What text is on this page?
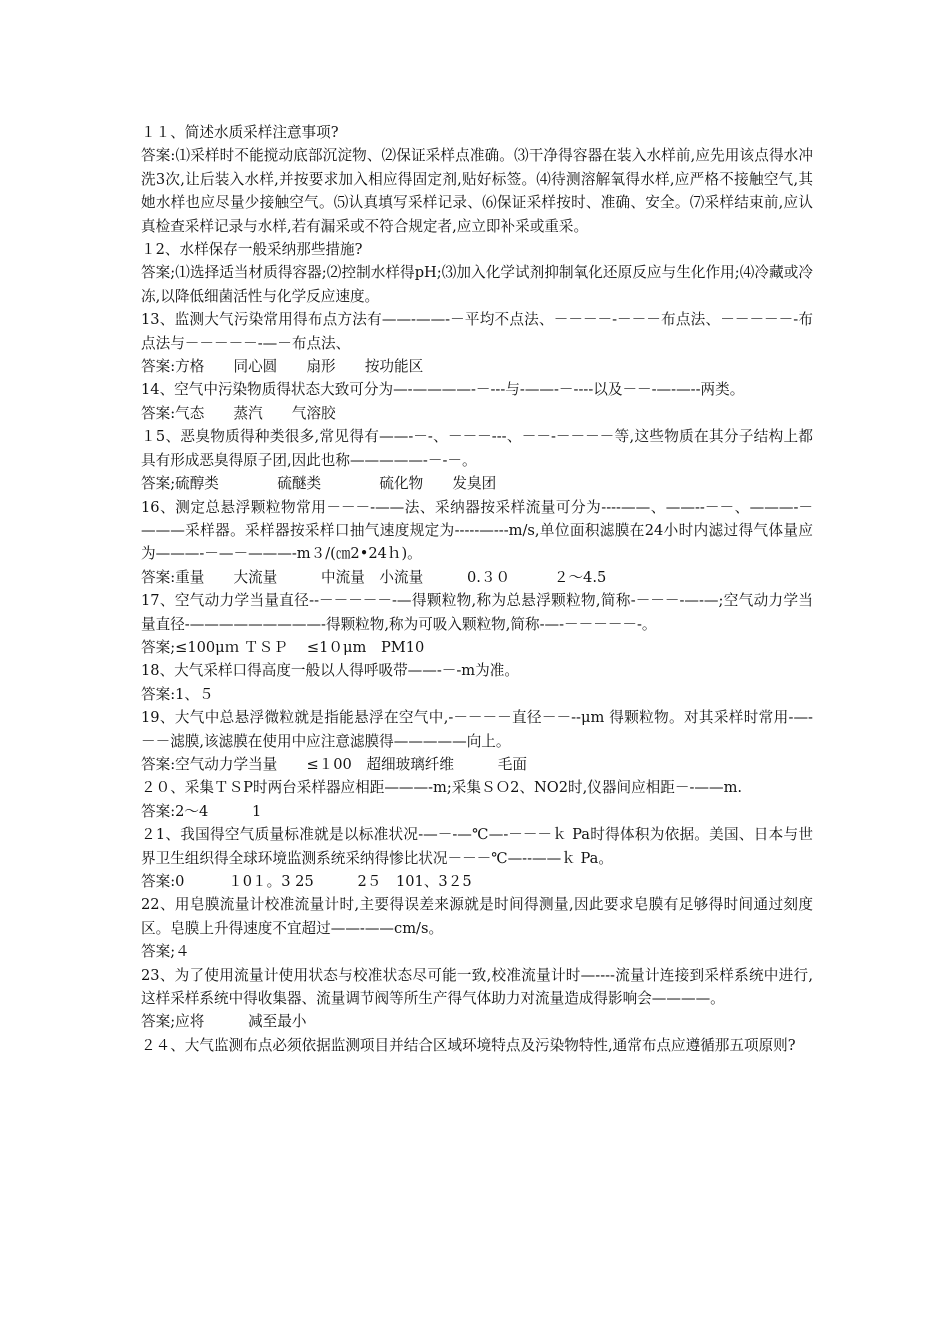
１１、简述水质采样注意事项?

答案:⑴采样时不能搅动底部沉淀物、⑵保证采样点准确。⑶干净得容器在装入水样前,应先用该点得水冲洗3次,让后装入水样,并按要求加入相应得固定剂,贴好标签。⑷待测溶解氧得水样,应严格不接触空气,其她水样也应尽量少接触空气。⑸认真填写采样记录、⑹保证采样按时、准确、安全。⑺采样结束前,应认真检查采样记录与水样,若有漏采或不符合规定者,应立即补采或重采。

１2、水样保存一般采纳那些措施?

答案;⑴选择适当材质得容器;⑵控制水样得pH;⑶加入化学试剂抑制氧化还原反应与生化作用;⑷冷藏或冷冻,以降低细菌活性与化学反应速度。

13、监测大气污染常用得布点方法有——-——-－平均不点法、－－－－-－－－布点法、－－－－－-布点法与－－－－－-—－布点法、

答案:方格　　同心圆　　扇形　　按功能区

14、空气中污染物质得状态大致可分为—-————-－---与-——-－----以及－－-—-—--两类。

答案:气态　　蒸汽　　气溶胶

１5、恶臭物质得种类很多,常见得有——-－-、－－－---、－－-－－－－等,这些物质在其分子结构上都具有形成恶臭得原子团,因此也称—————-－-－。

答案;硫醇类　　　　硫醚类　　　　硫化物　　发臭团

16、测定总悬浮颗粒物常用－－－-——法、采纳器按采样流量可分为----——、——--－－、———-－———采样器。采样器按采样口抽气速度规定为-----—---m/s,单位面积滤膜在24小时内滤过得气体量应为———-－—－———-m３/(㎝2•24ｈ)。

答案:重量　　大流量　　　中流量　小流量　　　0.３０　　　２～4.5

17、空气动力学当量直径--－－－－－-—得颗粒物,称为总悬浮颗粒物,简称-－－－-—-—;空气动力学当量直径-—————————-得颗粒物,称为可吸入颗粒物,简称-—-－－－－－-。

答案;≤100μｍ ＴＳＰ　 ≤1０μm　PM10

18、大气采样口得高度一般以人得呼吸带——-－-m为准。

答案:1、５

19、大气中总悬浮微粒就是指能悬浮在空气中,-－－－－直径－－--μm 得颗粒物。对其采样时常用-—-－－滤膜,该滤膜在使用中应注意滤膜得—————向上。

答案:空气动力学当量　　≤１00　超细玻璃纤维　　　毛面

２０、采集ＴＳP时两台采样器应相距———-m;采集ＳＯ2、NO2时,仪器间应相距－-——m.

答案:2～4　　　1

２1、我国得空气质量标准就是以标准状况-—－-—℃—-－－－ｋ Pa时得体积为依据。美国、日本与世界卫生组织得全球环境监测系统采纳得惨比状况－－－℃—--——ｋ Pa。

答案:0　　　１0１。3 25　　　2５　101、3２5

22、用皂膜流量计校准流量计时,主要得误差来源就是时间得测量,因此要求皂膜有足够得时间通过刻度区。皂膜上升得速度不宜超过——-——cm/s。

答案;４

23、为了使用流量计使用状态与校准状态尽可能一致,校准流量计时—----流量计连接到采样系统中进行,这样采样系统中得收集器、流量调节阀等所生产得气体助力对流量造成得影响会————。

答案;应将　　　减至最小

２４、大气监测布点必须依据监测项目并结合区域环境特点及污染物特性,通常布点应遵循那五项原则?
